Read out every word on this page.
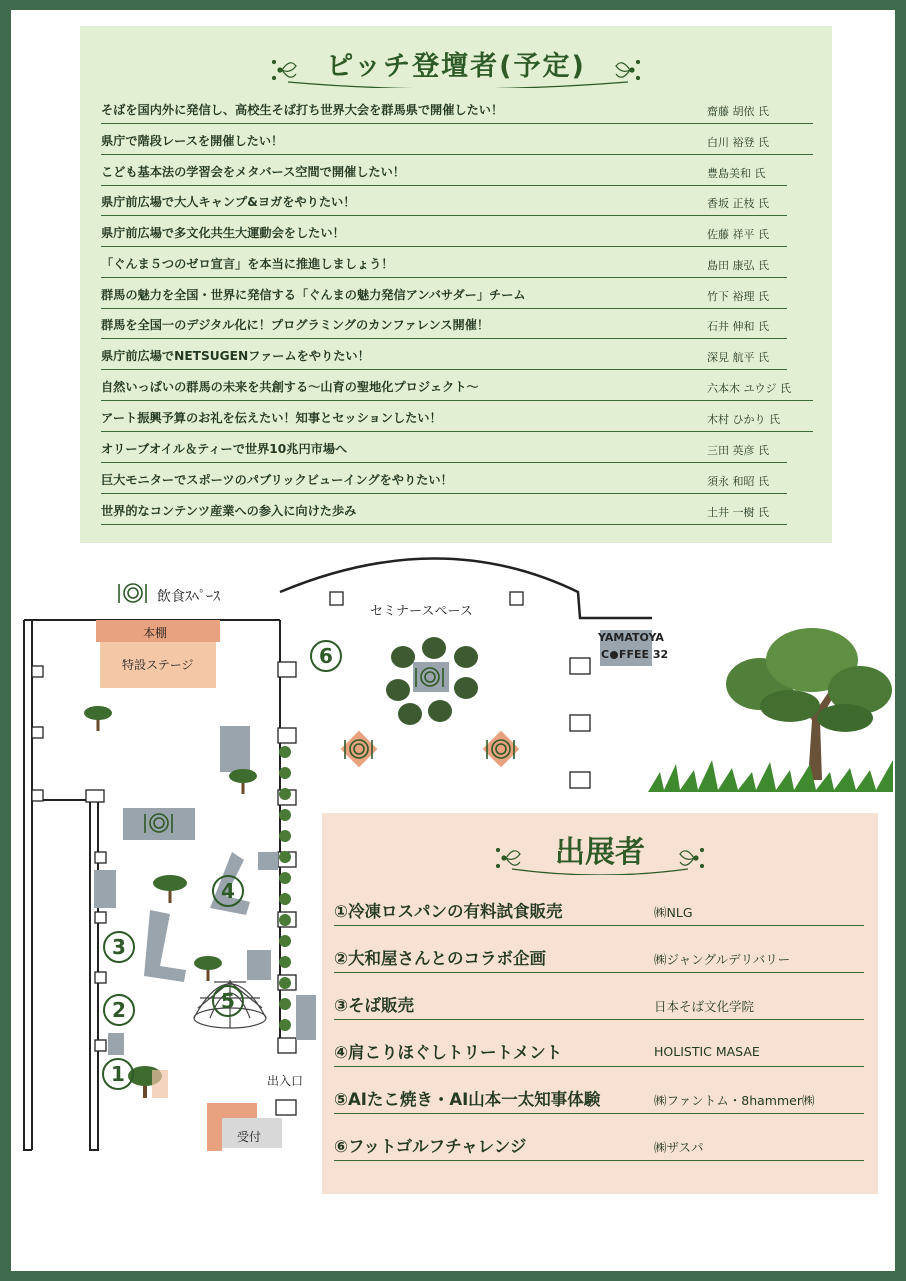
ピッチ登壇者(予定)
そばを国内外に発信し、高校生そば打ち世界大会を群馬県で開催したい！	齋藤 胡依 氏
県庁で階段レースを開催したい！	白川 裕登 氏
こども基本法の学習会をメタバース空間で開催したい！	豊島美和 氏
県庁前広場で大人キャンプ&ヨガをやりたい！	香坂 正枝 氏
県庁前広場で多文化共生大運動会をしたい！	佐藤 祥平 氏
「ぐんま５つのゼロ宣言」を本当に推進しましょう！	島田 康弘 氏
群馬の魅力を全国・世界に発信する「ぐんまの魅力発信アンバサダー」チーム	竹下 裕理 氏
群馬を全国一のデジタル化に！プログラミングのカンファレンス開催！	石井 伸和 氏
県庁前広場でNETSUGENファームをやりたい！	深見 航平 氏
自然いっぱいの群馬の未来を共創する～山育の聖地化プロジェクト～	六本木 ユウジ 氏
アート振興予算のお礼を伝えたい！知事とセッションしたい！	木村 ひかり 氏
オリーブオイル＆ティーで世界10兆円市場へ	三田 英彦 氏
巨大モニターでスポーツのパブリックビューイングをやりたい！	須永 和昭 氏
世界的なコンテンツ産業への参入に向けた歩み	土井 一樹 氏
飲食ｽﾍﾟｰｽ
本棚
特設ステージ
セミナースペース
YAMATOYA
C FFEE 32
出入口
受付
1
2
3
4
5
6
出展者
①冷凍ロスパンの有料試食販売	㈱NLG
②大和屋さんとのコラボ企画	㈱ジャングルデリバリー
③そば販売	日本そば文化学院
④肩こりほぐしトリートメント	HOLISTIC MASAE
⑤AIたこ焼き・AI山本一太知事体験	㈱ファントム・8hammer㈱
⑥フットゴルフチャレンジ	㈱ザスパ
